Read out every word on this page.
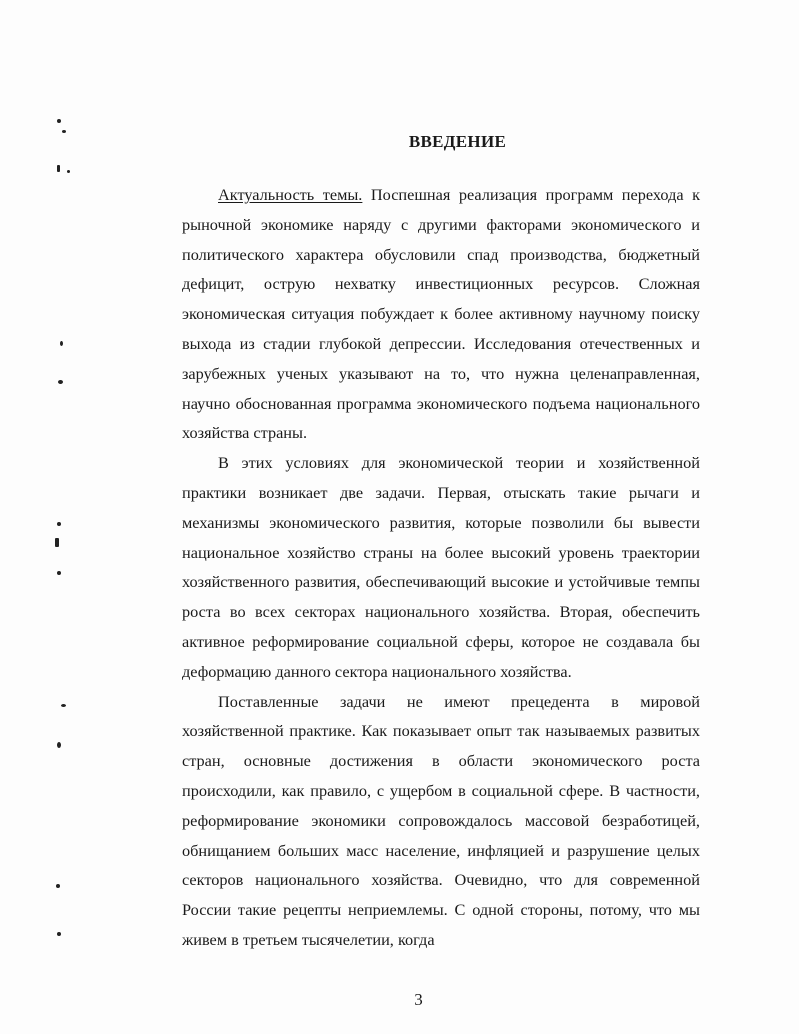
ВВЕДЕНИЕ

Актуальность темы. Поспешная реализация программ перехода к рыночной экономике наряду с другими факторами экономического и политического характера обусловили спад производства, бюджетный дефицит, острую нехватку инвестиционных ресурсов. Сложная экономическая ситуация побуждает к более активному научному поиску выхода из стадии глубокой депрессии. Исследования отечественных и зарубежных ученых указывают на то, что нужна целенаправленная, научно обоснованная программа экономического подъема национального хозяйства страны.

В этих условиях для экономической теории и хозяйственной практики возникает две задачи. Первая, отыскать такие рычаги и механизмы экономического развития, которые позволили бы вывести национальное хозяйство страны на более высокий уровень траектории хозяйственного развития, обеспечивающий высокие и устойчивые темпы роста во всех секторах национального хозяйства. Вторая, обеспечить активное реформирование социальной сферы, которое не создавала бы деформацию данного сектора национального хозяйства.

Поставленные задачи не имеют прецедента в мировой хозяйственной практике. Как показывает опыт так называемых развитых стран, основные достижения в области экономического роста происходили, как правило, с ущербом в социальной сфере. В частности, реформирование экономики сопровождалось массовой безработицей, обнищанием больших масс население, инфляцией и разрушение целых секторов национального хозяйства. Очевидно, что для современной России такие рецепты неприемлемы. С одной стороны, потому, что мы живем в третьем тысячелетии, когда

3
